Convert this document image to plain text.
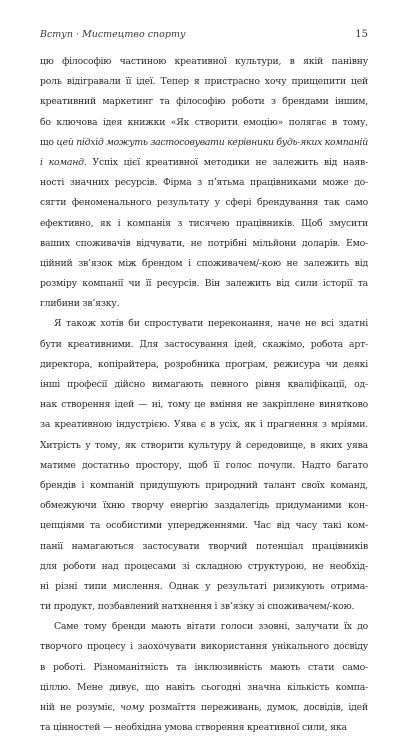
Вступ · Мистецтво спорту	15
цю філософію частиною креативної культури, в якій панівну
роль відігравали її ідеї. Тепер я пристрасно хочу прищепити цей
креативний маркетинг та філософію роботи з брендами іншим,
бо ключова ідея книжки «Як створити емоцію» полягає в тому,
що цей підхід можуть застосовувати керівники будь-яких компаній
і команд. Успіх цієї креативної методики не залежить від наяв-
ності значних ресурсів. Фірма з п’ятьма працівниками може до-
сягти феноменального результату у сфері брендування так само
ефективно, як і компанія з тисячею працівників. Щоб змусити
ваших споживачів відчувати, не потрібні мільйони доларів. Емо-
ційний зв’язок між брендом і споживачем/-кою не залежить від
розміру компанії чи її ресурсів. Він залежить від сили історії та
глибини зв’язку.
Я також хотів би спростувати переконання, наче не всі здатні
бути креативними. Для застосування ідей, скажімо, робота арт-
директора, копірайтера, розробника програм, режисура чи деякі
інші професії дійсно вимагають певного рівня кваліфікації, од-
нак створення ідей — ні, тому це вміння не закріплене винятково
за креативною індустрією. Уява є в усіх, як і прагнення з мріями.
Хитрість у тому, як створити культуру й середовище, в яких уява
матиме достатньо простору, щоб її голос почули. Надто багато
брендів і компаній придушують природний талант своїх команд,
обмежуючи їхню творчу енергію заздалегідь придуманими кон-
цепціями та особистими упередженнями. Час від часу такі ком-
панії намагаються застосувати творчий потенціал працівників
для роботи над процесами зі складною структурою, не необхід-
ні різні типи мислення. Однак у результаті ризикують отрима-
ти продукт, позбавлений натхнення і зв’язку зі споживачем/-кою.
Саме тому бренди мають вітати голоси ззовні, залучати їх до
творчого процесу і заохочувати використання унікального досвіду
в роботі. Різноманітність та інклюзивність мають стати само-
ціллю. Мене дивує, що навіть сьогодні значна кількість компа-
ній не розуміє, чому розмаїття переживань, думок, досвідів, ідей
та цінностей — необхідна умова створення креативної сили, яка
